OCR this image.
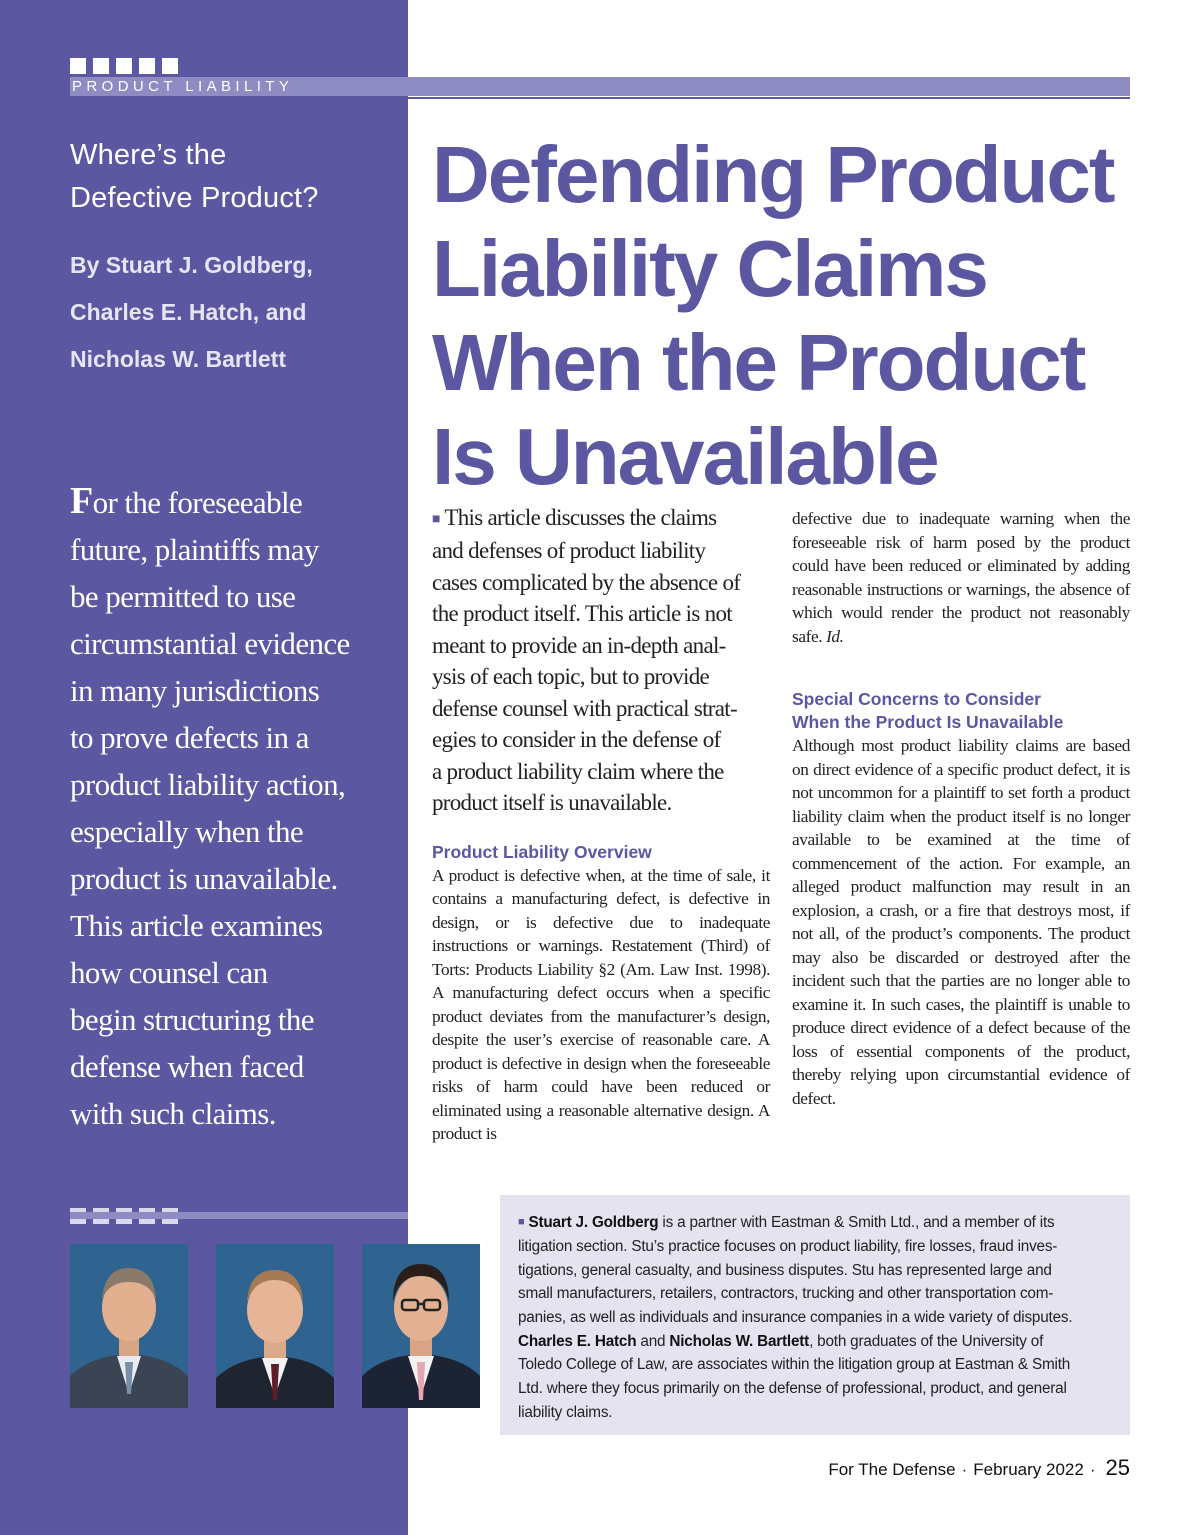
PRODUCT LIABILITY
Where’s the
Defective Product?
By Stuart J. Goldberg,
Charles E. Hatch, and
Nicholas W. Bartlett
For the foreseeable
future, plaintiffs may
be permitted to use
circumstantial evidence
in many jurisdictions
to prove defects in a
product liability action,
especially when the
product is unavailable.
This article examines
how counsel can
begin structuring the
defense when faced
with such claims.
Defending Product
Liability Claims
When the Product
Is Unavailable
■ This article discusses the claims
and defenses of product liability
cases complicated by the absence of
the product itself. This article is not
meant to provide an in-depth anal-
ysis of each topic, but to provide
defense counsel with practical strat-
egies to consider in the defense of
a product liability claim where the
product itself is unavailable.
Product Liability Overview

A product is defective when, at the time of sale, it contains a manufacturing defect, is defective in design, or is defective due to inadequate instructions or warnings. Restatement (Third) of Torts: Products Liability §2 (Am. Law Inst. 1998). A manufacturing defect occurs when a specific product deviates from the manufacturer’s design, despite the user’s exercise of reasonable care. A product is defective in design when the foreseeable risks of harm could have been reduced or eliminated using a reasonable alternative design. A product is

defective due to inadequate warning when the foreseeable risk of harm posed by the product could have been reduced or eliminated by adding reasonable instructions or warnings, the absence of which would render the product not reasonably safe. Id.

Special Concerns to Consider
When the Product Is Unavailable

Although most product liability claims are based on direct evidence of a specific product defect, it is not uncommon for a plaintiff to set forth a product liability claim when the product itself is no longer available to be examined at the time of commencement of the action. For example, an alleged product malfunction may result in an explosion, a crash, or a fire that destroys most, if not all, of the product’s components. The product may also be discarded or destroyed after the incident such that the parties are no longer able to examine it. In such cases, the plaintiff is unable to produce direct evidence of a defect because of the loss of essential components of the product, thereby relying upon circumstantial evidence of defect.

■ Stuart J. Goldberg is a partner with Eastman & Smith Ltd., and a member of its
litigation section. Stu’s practice focuses on product liability, fire losses, fraud inves-
tigations, general casualty, and business disputes. Stu has represented large and
small manufacturers, retailers, contractors, trucking and other transportation com-
panies, as well as individuals and insurance companies in a wide variety of disputes.
Charles E. Hatch and Nicholas W. Bartlett, both graduates of the University of
Toledo College of Law, are associates within the litigation group at Eastman & Smith
Ltd. where they focus primarily on the defense of professional, product, and general
liability claims.
For The Defense · February 2022 · 25
